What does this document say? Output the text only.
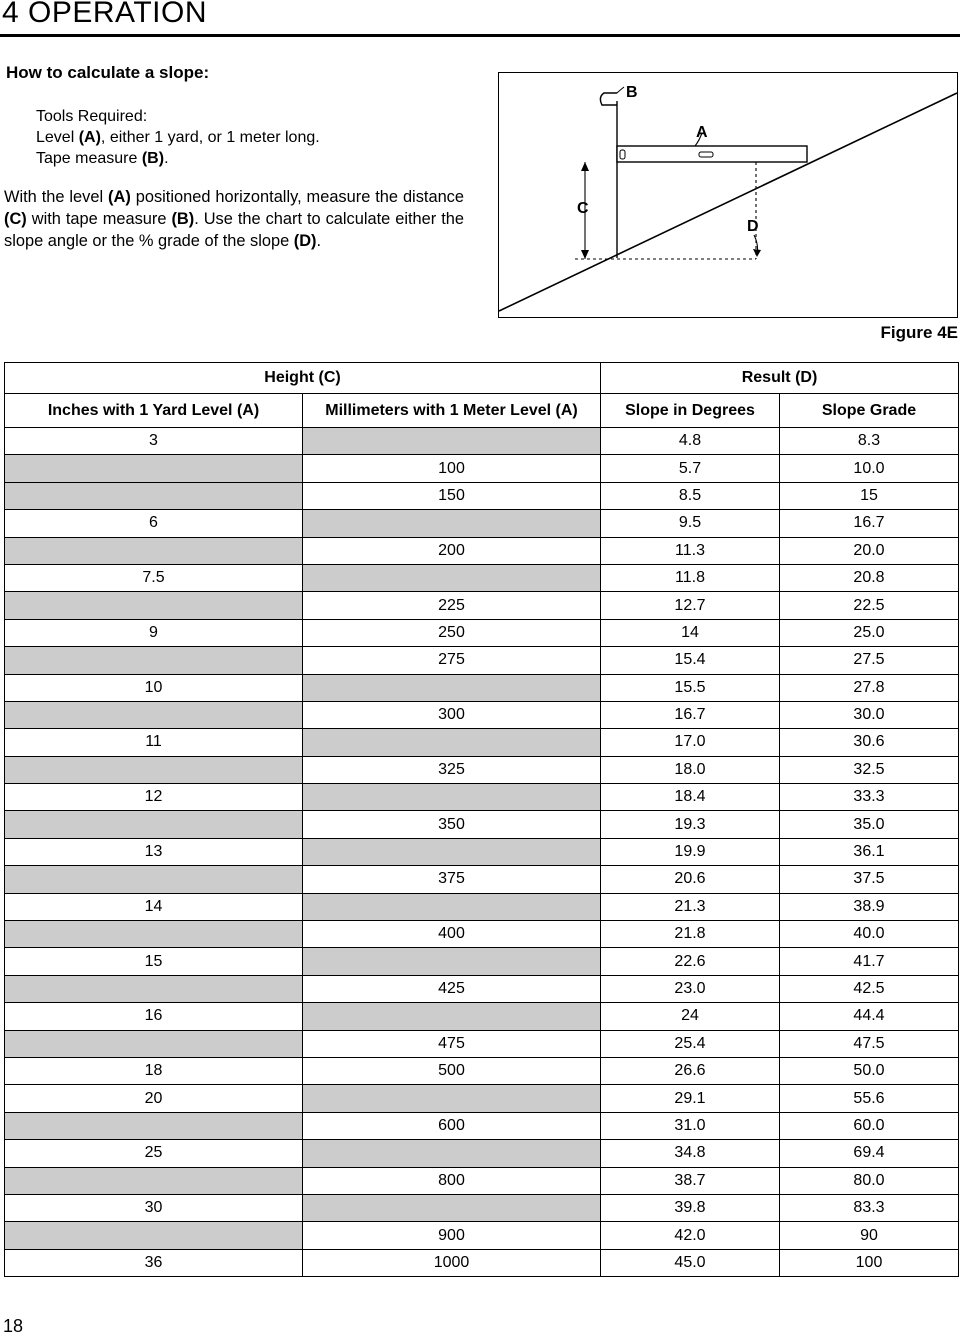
4 OPERATION
How to calculate a slope:
Tools Required:
Level (A), either 1 yard, or 1 meter long.
Tape measure (B).
With the level (A) positioned horizontally, measure the distance (C) with tape measure (B). Use the chart to calculate either the slope angle or the % grade of the slope (D).
B
A
C
D
Figure 4E
Height (C)		Result (D)	
Inches with 1 Yard Level (A)	Millimeters with 1 Meter Level (A)	Slope in Degrees	Slope Grade
3		4.8	8.3
	100	5.7	10.0
	150	8.5	15
6		9.5	16.7
	200	11.3	20.0
7.5		11.8	20.8
	225	12.7	22.5
9	250	14	25.0
	275	15.4	27.5
10		15.5	27.8
	300	16.7	30.0
11		17.0	30.6
	325	18.0	32.5
12		18.4	33.3
	350	19.3	35.0
13		19.9	36.1
	375	20.6	37.5
14		21.3	38.9
	400	21.8	40.0
15		22.6	41.7
	425	23.0	42.5
16		24	44.4
	475	25.4	47.5
18	500	26.6	50.0
20		29.1	55.6
	600	31.0	60.0
25		34.8	69.4
	800	38.7	80.0
30		39.8	83.3
	900	42.0	90
36	1000	45.0	100
18
